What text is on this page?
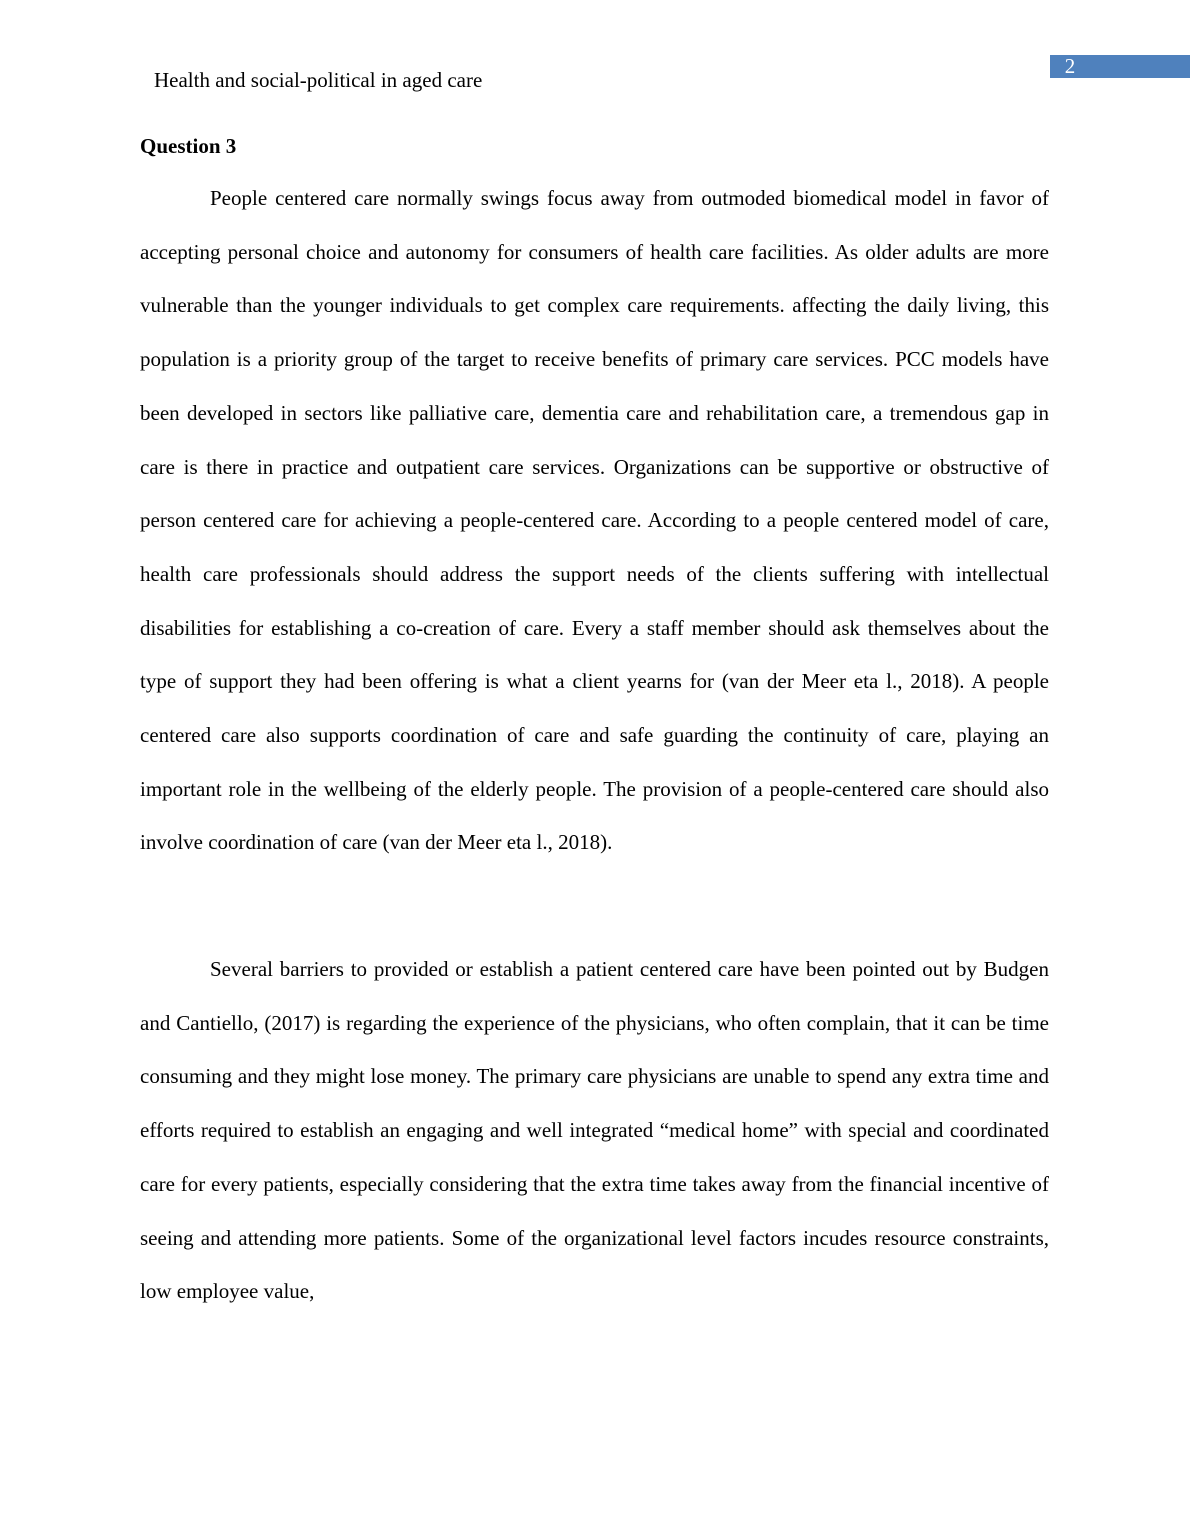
2
Health and social-political in aged care
Question 3

People centered care normally swings focus away from outmoded biomedical model in favor of accepting personal choice and autonomy for consumers of health care facilities. As older adults are more vulnerable than the younger individuals to get complex care requirements. affecting the daily living, this population is a priority group of the target to receive benefits of primary care services. PCC models have been developed in sectors like palliative care, dementia care and rehabilitation care, a tremendous gap in care is there in practice and outpatient care services. Organizations can be supportive or obstructive of person centered care for achieving a people-centered care. According to a people centered model of care, health care professionals should address the support needs of the clients suffering with intellectual disabilities for establishing a co-creation of care. Every a staff member should ask themselves about the type of support they had been offering is what a client yearns for (van der Meer eta l., 2018). A people centered care also supports coordination of care and safe guarding the continuity of care, playing an important role in the wellbeing of the elderly people. The provision of a people-centered care should also involve coordination of care (van der Meer eta l., 2018).

Several barriers to provided or establish a patient centered care have been pointed out by Budgen and Cantiello, (2017) is regarding the experience of the physicians, who often complain, that it can be time consuming and they might lose money. The primary care physicians are unable to spend any extra time and efforts required to establish an engaging and well integrated “medical home” with special and coordinated care for every patients, especially considering that the extra time takes away from the financial incentive of seeing and attending more patients. Some of the organizational level factors incudes resource constraints, low employee value,
